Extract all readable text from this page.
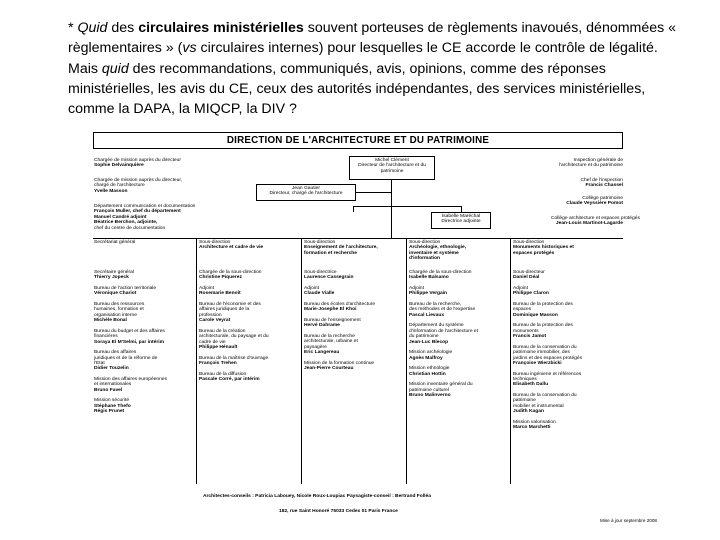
* Quid des circulaires ministérielles souvent porteuses de règlements inavoués, dénommées « règlementaires » (vs circulaires internes) pour lesquelles le CE accorde le contrôle de légalité. Mais quid des recommandations, communiqués, avis, opinions, comme des réponses ministérielles, les avis du CE, ceux des autorités indépendantes, des services ministérielles, comme la DAPA, la MIQCP, la DIV ?
DIRECTION DE L'ARCHITECTURE ET DU PATRIMOINE
Michel Clément
Directeur de l'architecture et du
patrimoine
Jean Gautier
Directeur, chargé de l'architecture
Isabelle Maréchal
Directrice adjointe
Architectes-conseils : Patricia Labouey, Nicole Roux-Loupiac Paysagiste-conseil : Bertrand Folléa
182, rue Saint Honoré 75033 Cedex 01 Paris France
Mise à jour septembre 2008
Chargée de mission auprès du directeur
Sophie Delvainquière
Chargée de mission auprès du directeur,
chargé de l'architecture
Yvelle Masson
Département communication et documentation
François Muller, chef du département
Manuel Candré adjoint
Béatrice Berchon, adjointe,
chef du centre de documentation
Inspection générale de
l'architecture et du patrimoine
Chef de l'inspection
Francis Chassel
Collège patrimoine
Claude Veyssière Pomot
Collège architecture et espaces protégés
Jean-Louis Martinot-Lagarde
Secrétariat général
Secrétaire général
Thierry Jopeck
Bureau de l'action territoriale
Véronique Chariot
Bureau des ressources
humaines, formation et
organisation interne
Michèle Bonal
Bureau du budget et des affaires
financières
Soraya El M'Selmi, par intérim
Bureau des affaires
juridiques et de la réforme de
l'Etat
Didier Touzelin
Mission des affaires européennes
et internationales
Bruno Favel
Mission sécurité
Stéphane Thefo
Régis Prunet
Sous-direction
Architecture et cadre de vie
Chargée de la sous-direction
Christine Piquerez
Adjoint
Rosemarie Benoît
Bureau de l'économie et des
affaires juridiques de la
profession
Carole Veyrat
Bureau de la création
architecturale, du paysage et du
cadre de vie
Philippe Hénault
Bureau de la maîtrise d'ouvrage
François Trehen
Bureau de la diffusion
Pascale Corré, par intérim
Sous-direction
Enseignement de l'architecture,
formation et recherche
Sous-directrice
Laurence Cassegrain
Adjoint
Claude Vialle
Bureau des écoles d'architecture
Marie-Josephe El Khoi
Bureau de l'enseignement
Hervé Dahrame
Bureau de la recherche
architecturale, urbaine et
paysagère
Eric Langereau
Mission de la formation continue
Jean-Pierre Courteau
Sous-direction
Archéologie, ethnologie,
inventaire et système
d'information
Chargée de la sous-direction
Isabelle Balsamo
Adjoint
Philippe Vergain
Bureau de la recherche,
des méthodes et de l'expertise
Pascal Lievaux
Département du système
d'information de l'architecture et
du patrimoine
Jean-Luc Blecop
Mission archéologie
Agnès Malfroy
Mission ethnologie
Christian Hottin
Mission inventaire général du
patrimoine culturel
Bruno Malinverno
Sous-direction
Monuments historiques et
espaces protégés
Sous-directeur
Daniel Déal
Adjoint
Philippe Claron
Bureau de la protection des
espaces
Dominique Masson
Bureau de la protection des
monuments
Francis Jamot
Bureau de la conservation du
patrimoine immobilier, des
jardins et des espaces protégés
Françoise Wierzbicki
Bureau ingénierie et références
techniques
Elisabeth Dallu
Bureau de la conservation du
patrimoine
mobilier et instrumental
Judith Kagan
Mission valorisation
Marco Marchetti
